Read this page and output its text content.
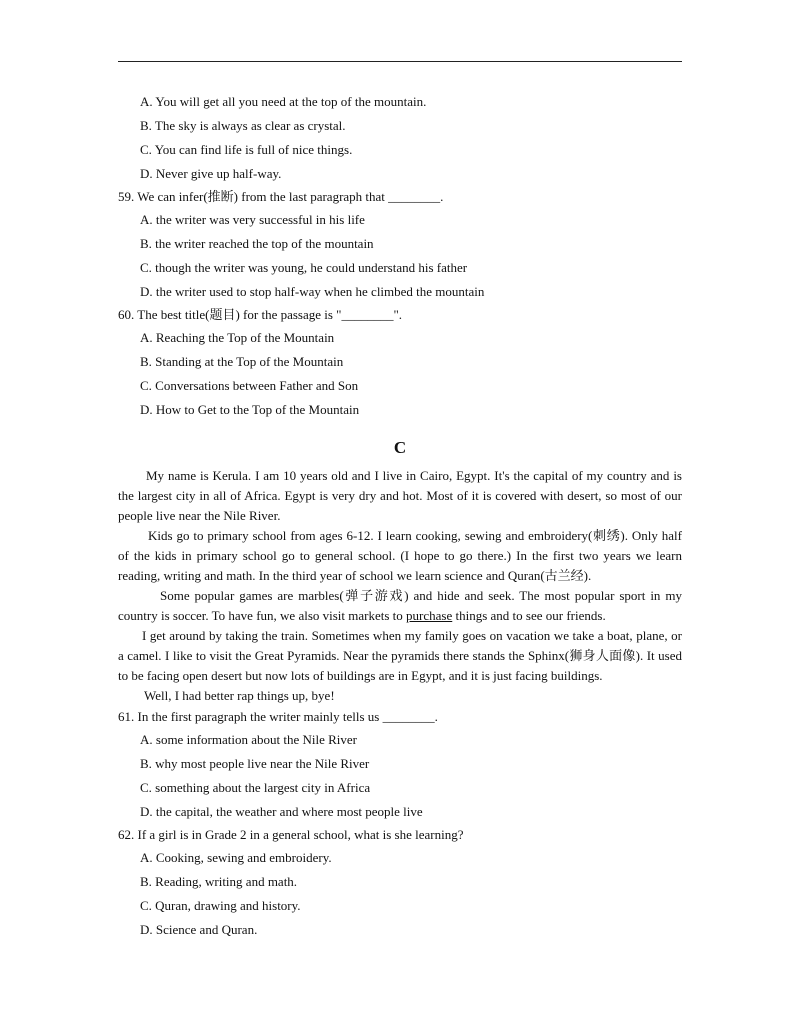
A. You will get all you need at the top of the mountain.
B. The sky is always as clear as crystal.
C. You can find life is full of nice things.
D. Never give up half-way.
59. We can infer(推断) from the last paragraph that ________.
A. the writer was very successful in his life
B. the writer reached the top of the mountain
C. though the writer was young, he could understand his father
D. the writer used to stop half-way when he climbed the mountain
60. The best title(题目) for the passage is "________".
A. Reaching the Top of the Mountain
B. Standing at the Top of the Mountain
C. Conversations between Father and Son
D. How to Get to the Top of the Mountain
C
My name is Kerula. I am 10 years old and I live in Cairo, Egypt. It's the capital of my country and is the largest city in all of Africa. Egypt is very dry and hot. Most of it is covered with desert, so most of our people live near the Nile River.
Kids go to primary school from ages 6-12. I learn cooking, sewing and embroidery(刺绣). Only half of the kids in primary school go to general school. (I hope to go there.) In the first two years we learn reading, writing and math. In the third year of school we learn science and Quran(古兰经).
Some popular games are marbles(弹子游戏) and hide and seek. The most popular sport in my country is soccer. To have fun, we also visit markets to purchase things and to see our friends.
I get around by taking the train. Sometimes when my family goes on vacation we take a boat, plane, or a camel. I like to visit the Great Pyramids. Near the pyramids there stands the Sphinx(狮身人面像). It used to be facing open desert but now lots of buildings are in Egypt, and it is just facing buildings.
Well, I had better rap things up, bye!
61. In the first paragraph the writer mainly tells us ________.
A. some information about the Nile River
B. why most people live near the Nile River
C. something about the largest city in Africa
D. the capital, the weather and where most people live
62. If a girl is in Grade 2 in a general school, what is she learning?
A. Cooking, sewing and embroidery.
B. Reading, writing and math.
C. Quran, drawing and history.
D. Science and Quran.
